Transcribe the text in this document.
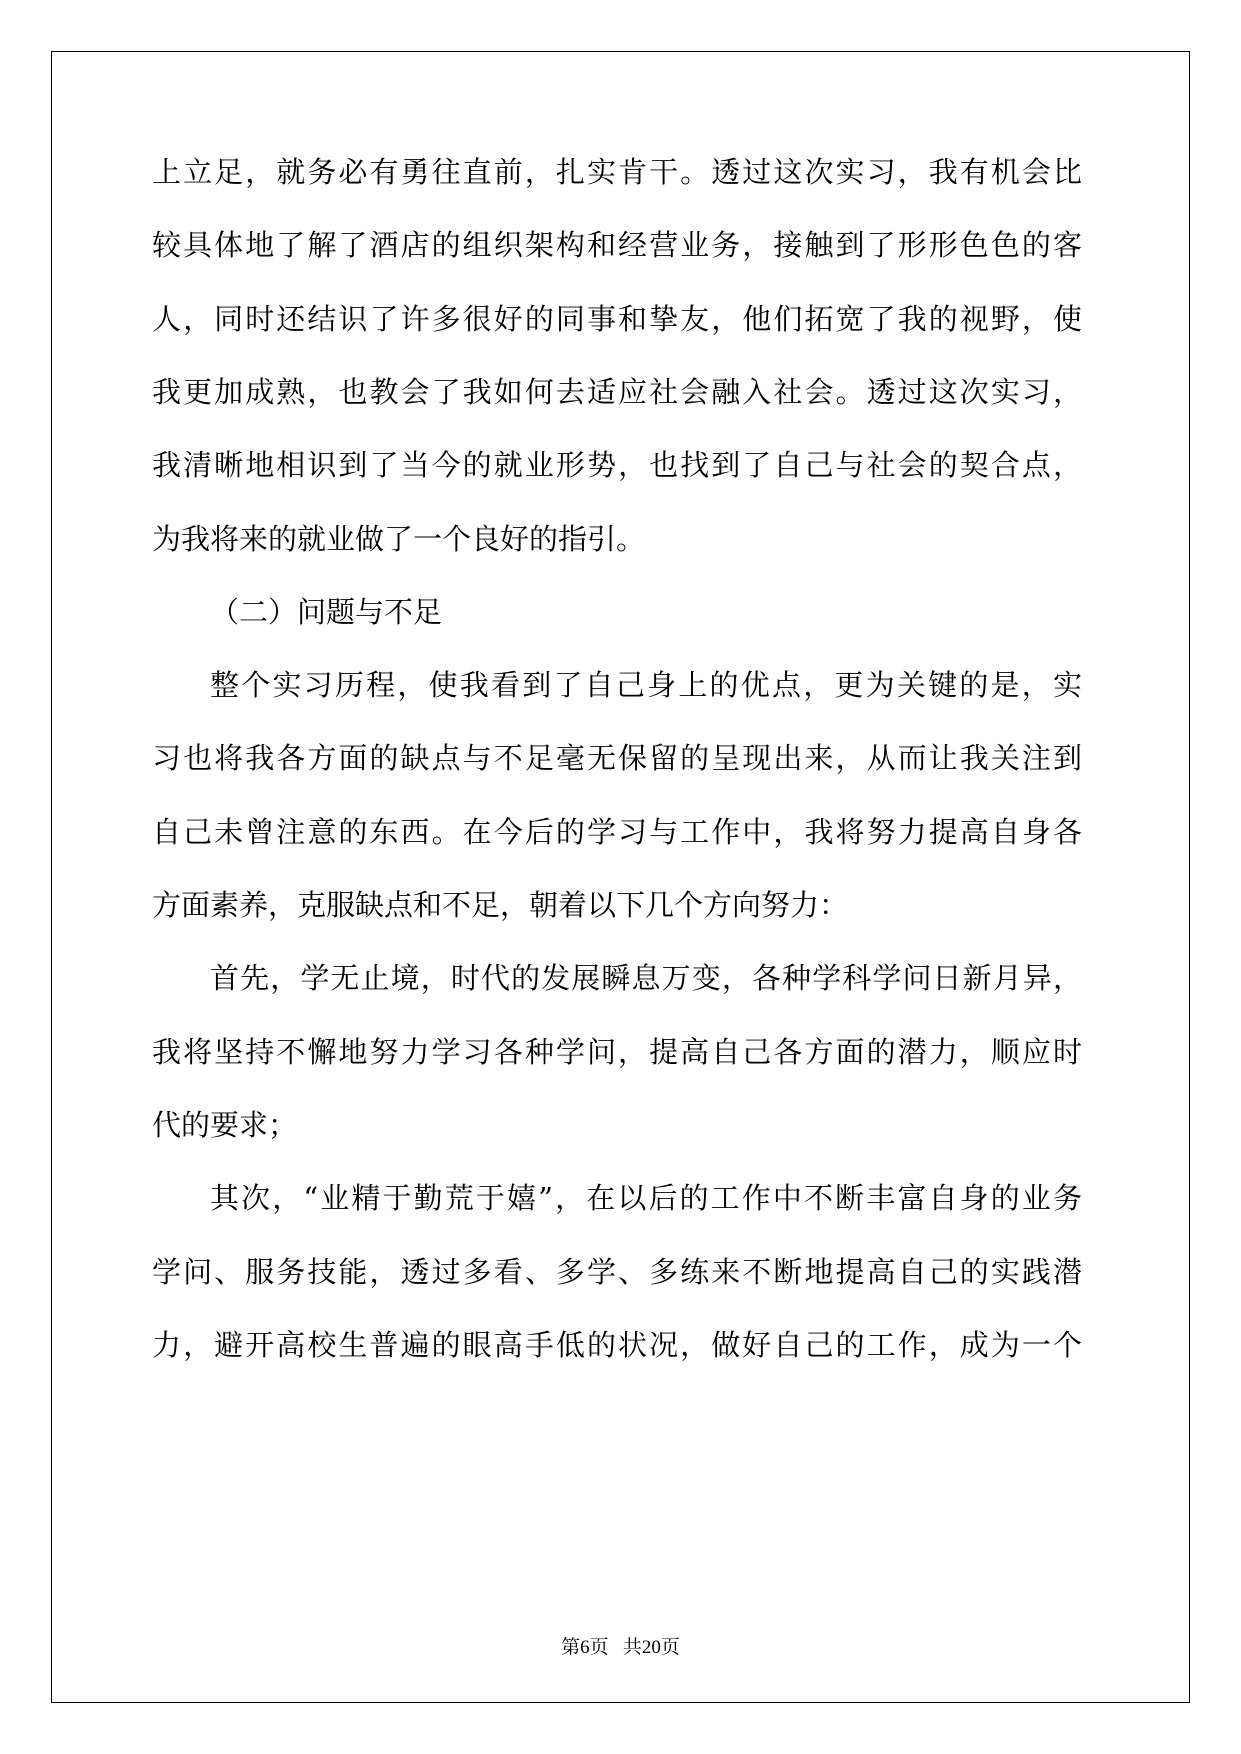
上立足，就务必有勇往直前，扎实肯干。透过这次实习，我有机会比
较具体地了解了酒店的组织架构和经营业务，接触到了形形色色的客
人，同时还结识了许多很好的同事和挚友，他们拓宽了我的视野，使
我更加成熟，也教会了我如何去适应社会融入社会。透过这次实习，
我清晰地相识到了当今的就业形势，也找到了自己与社会的契合点，
为我将来的就业做了一个良好的指引。
（二）问题与不足
整个实习历程，使我看到了自己身上的优点，更为关键的是，实
习也将我各方面的缺点与不足毫无保留的呈现出来，从而让我关注到
自己未曾注意的东西。在今后的学习与工作中，我将努力提高自身各
方面素养，克服缺点和不足，朝着以下几个方向努力：
首先，学无止境，时代的发展瞬息万变，各种学科学问日新月异，
我将坚持不懈地努力学习各种学问，提高自己各方面的潜力，顺应时
代的要求；
其次，“业精于勤荒于嬉”，在以后的工作中不断丰富自身的业务
学问、服务技能，透过多看、多学、多练来不断地提高自己的实践潜
力，避开高校生普遍的眼高手低的状况，做好自己的工作，成为一个
第6页 共20页
